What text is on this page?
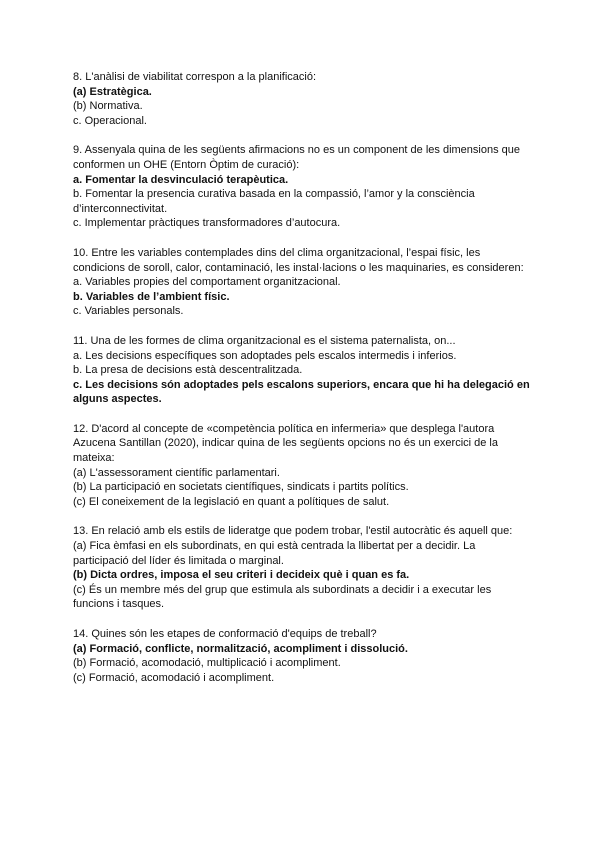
8. L'anàlisi de viabilitat correspon a la planificació:

(a) Estratègica.

(b) Normativa.

c. Operacional.

9. Assenyala quina de les següents afirmacions no es un component de les dimensions que conformen un OHE (Entorn Òptim de curació):

a. Fomentar la desvinculació terapèutica.

b. Fomentar la presencia curativa basada en la compassió, l’amor y la consciència d’interconnectivitat.

c. Implementar pràctiques transformadores d’autocura.

10. Entre les variables contemplades dins del clima organitzacional, l’espai físic, les condicions de soroll, calor, contaminació, les instal·lacions o les maquinaries, es consideren:

a. Variables propies del comportament organitzacional.

b. Variables de l’ambient físic.

c. Variables personals.

11. Una de les formes de clima organitzacional es el sistema paternalista, on...

a. Les decisions específiques son adoptades pels escalos intermedis i inferios.

b. La presa de decisions està descentralitzada.

c. Les decisions són adoptades pels escalons superiors, encara que hi ha delegació en alguns aspectes.

12. D'acord al concepte de «competència política en infermeria» que desplega l'autora Azucena Santillan (2020), indicar quina de les següents opcions no és un exercici de la mateixa:

(a) L'assessorament científic parlamentari.

(b) La participació en societats científiques, sindicats i partits polítics.

(c) El coneixement de la legislació en quant a polítiques de salut.

13. En relació amb els estils de lideratge que podem trobar, l'estil autocràtic és aquell que:

(a) Fica èmfasi en els subordinats, en qui està centrada la llibertat per a decidir. La participació del líder és limitada o marginal.

(b) Dicta ordres, imposa el seu criteri i decideix què i quan es fa.

(c) És un membre més del grup que estimula als subordinats a decidir i a executar les funcions i tasques.

14. Quines són les etapes de conformació d'equips de treball?

(a) Formació, conflicte, normalització, acompliment i dissolució.

(b) Formació, acomodació, multiplicació i acompliment.

(c) Formació, acomodació i acompliment.
